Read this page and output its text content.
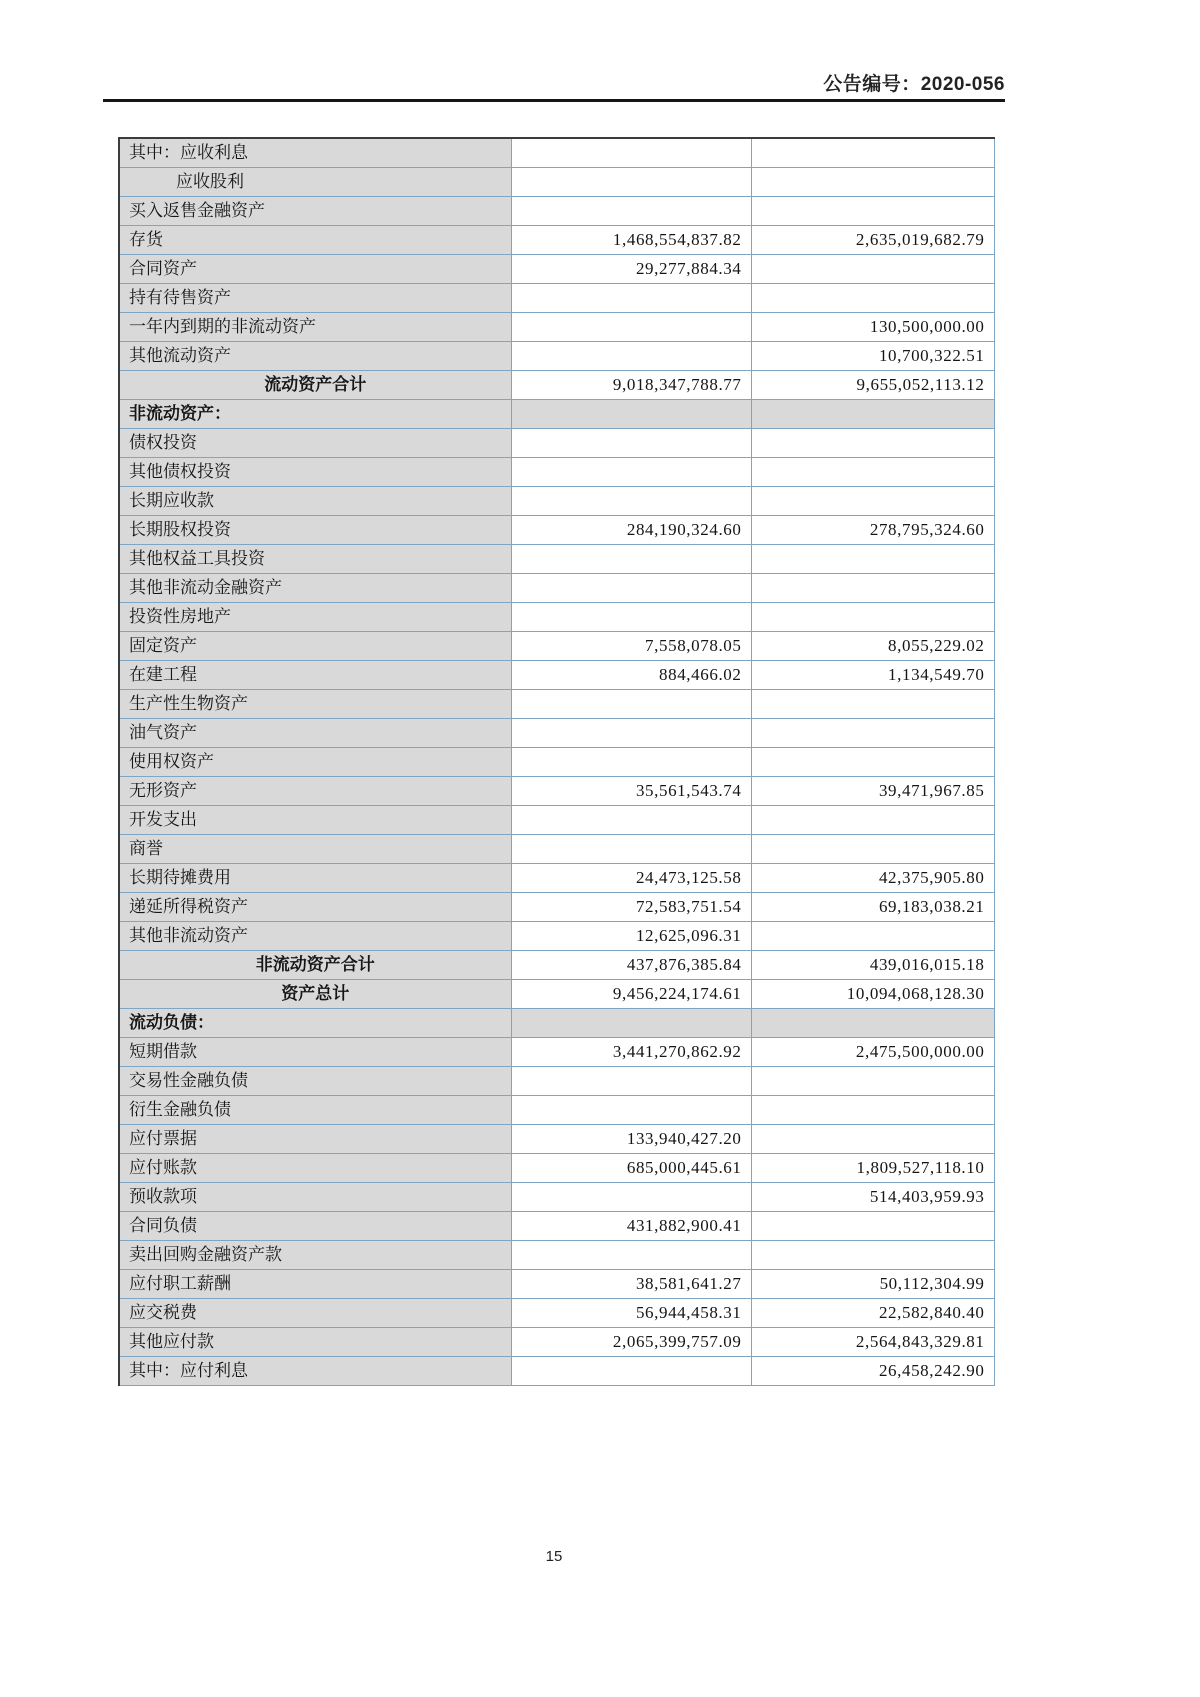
公告编号：2020-056
其中：应收利息		
应收股利		
买入返售金融资产		
存货	1,468,554,837.82	2,635,019,682.79
合同资产	29,277,884.34	
持有待售资产		
一年内到期的非流动资产		130,500,000.00
其他流动资产		10,700,322.51
流动资产合计	9,018,347,788.77	9,655,052,113.12
非流动资产：		
债权投资		
其他债权投资		
长期应收款		
长期股权投资	284,190,324.60	278,795,324.60
其他权益工具投资		
其他非流动金融资产		
投资性房地产		
固定资产	7,558,078.05	8,055,229.02
在建工程	884,466.02	1,134,549.70
生产性生物资产		
油气资产		
使用权资产		
无形资产	35,561,543.74	39,471,967.85
开发支出		
商誉		
长期待摊费用	24,473,125.58	42,375,905.80
递延所得税资产	72,583,751.54	69,183,038.21
其他非流动资产	12,625,096.31	
非流动资产合计	437,876,385.84	439,016,015.18
资产总计	9,456,224,174.61	10,094,068,128.30
流动负债：		
短期借款	3,441,270,862.92	2,475,500,000.00
交易性金融负债		
衍生金融负债		
应付票据	133,940,427.20	
应付账款	685,000,445.61	1,809,527,118.10
预收款项		514,403,959.93
合同负债	431,882,900.41	
卖出回购金融资产款		
应付职工薪酬	38,581,641.27	50,112,304.99
应交税费	56,944,458.31	22,582,840.40
其他应付款	2,065,399,757.09	2,564,843,329.81
其中：应付利息		26,458,242.90
15
